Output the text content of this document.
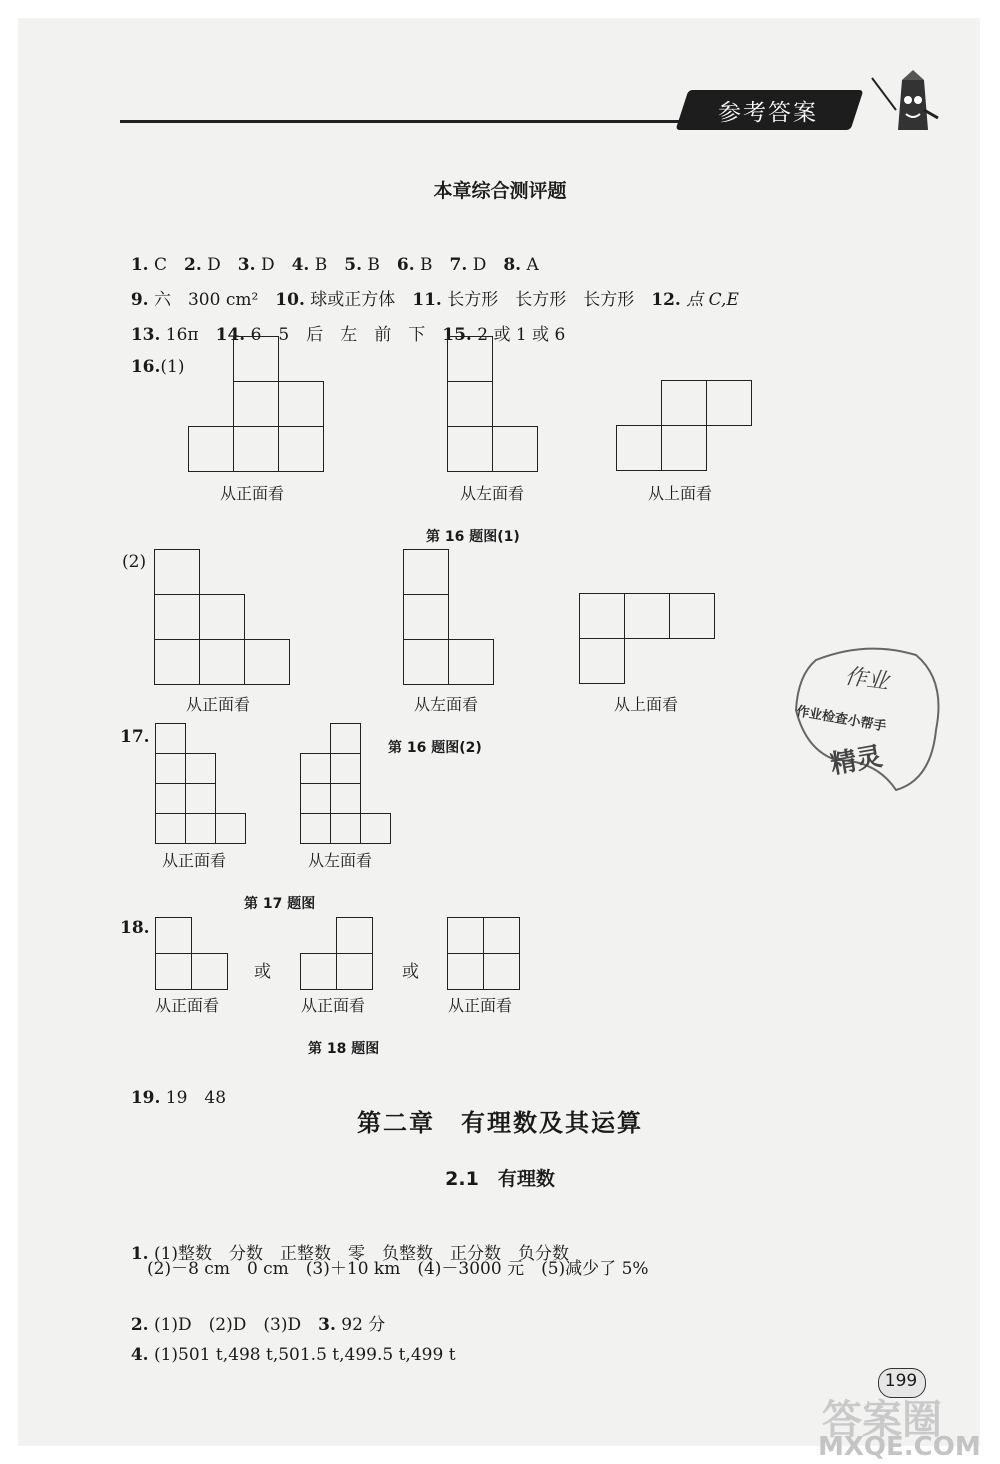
参考答案
本章综合测评题

1. C　 2. D　 3. D　 4. B　 5. B　 6. B　 7. D　 8. A

9. 六　300 cm²　 10. 球或正方体　 11. 长方形　长方形　长方形　 12. 点 C,E

13. 16π　 14. 6　5　后　左　前　下　 15. 2 或 1 或 6

16.(1)

从正面看	从左面看	从上面看
第 16 题图(1)
(2)
从正面看	从左面看	从上面看
第 16 题图(2)
17.
从正面看	从左面看
第 17 题图
18.
从正面看
或
从正面看
或
从正面看
第 18 题图

19. 19　48

第二章　有理数及其运算
2.1　 有理数

1. (1)整数　分数　正整数　零　负整数　正分数　负分数

(2)－8 cm　0 cm　(3)＋10 km　(4)－3000 元　(5)减少了 5%

2. (1)D　(2)D　(3)D　 3. 92 分

4. (1)501 t,498 t,501.5 t,499.5 t,499 t

作业
作业检查小帮手
精灵
199
答案圈
MXQE.COM
